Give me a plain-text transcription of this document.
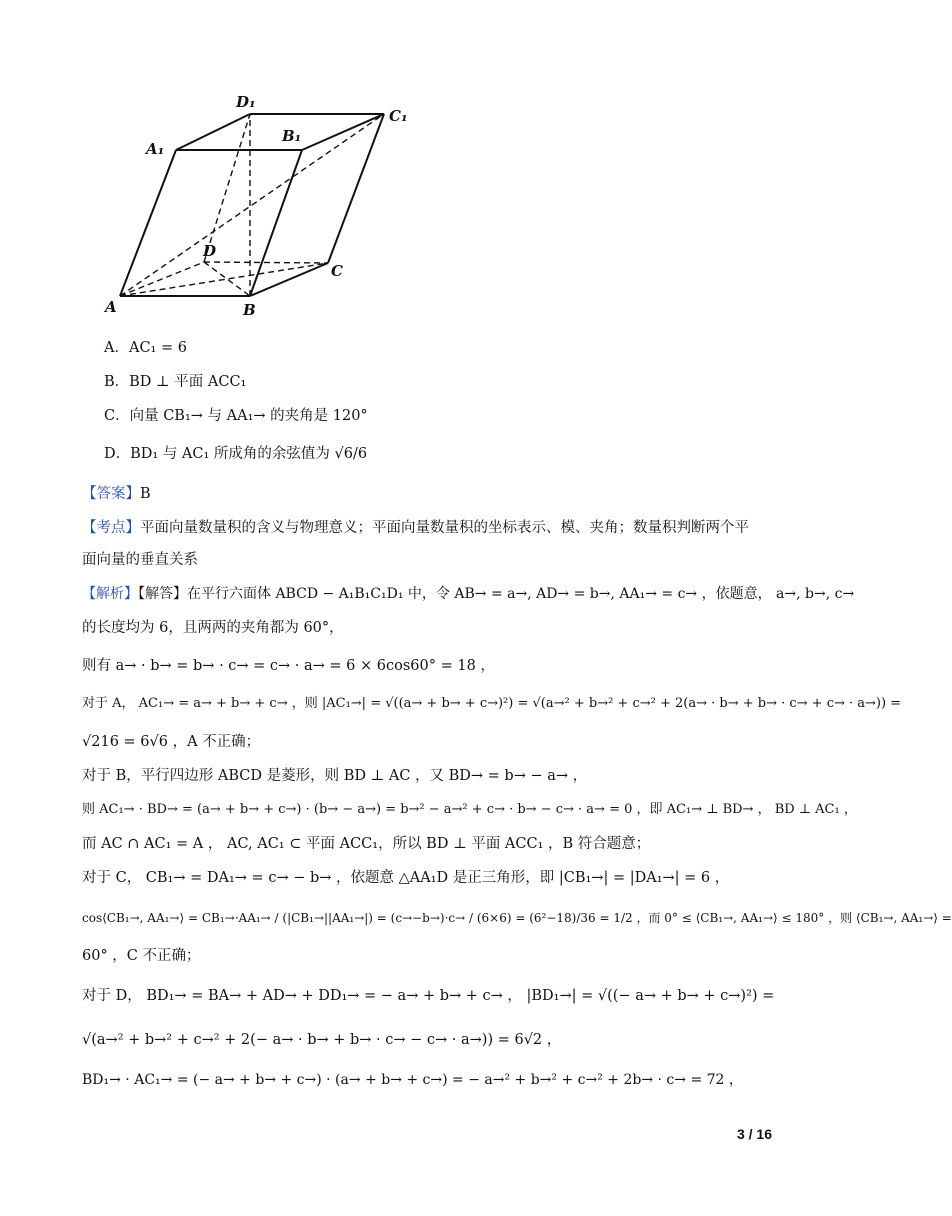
D₁
C₁
A₁
B₁
D
C
A	B
A．AC₁ = 6
B．BD ⊥ 平面 ACC₁
C．向量 CB₁→ 与 AA₁→ 的夹角是 120°
D．BD₁ 与 AC₁ 所成角的余弦值为 √6/6
【答案】B
【考点】平面向量数量积的含义与物理意义；平面向量数量积的坐标表示、模、夹角；数量积判断两个平
面向量的垂直关系
【解析】【解答】在平行六面体 ABCD − A₁B₁C₁D₁ 中，令 AB→ = a→, AD→ = b→, AA₁→ = c→ ，依题意， a→, b→, c→
的长度均为 6，且两两的夹角都为 60°，
则有 a→ · b→ = b→ · c→ = c→ · a→ = 6 × 6cos60° = 18 ，
对于 A， AC₁→ = a→ + b→ + c→ ，则 |AC₁→| = √((a→ + b→ + c→)²) = √(a→² + b→² + c→² + 2(a→ · b→ + b→ · c→ + c→ · a→)) =
√216 = 6√6 ，A 不正确；
对于 B，平行四边形 ABCD 是菱形，则 BD ⊥ AC ，又 BD→ = b→ − a→ ，
则 AC₁→ · BD→ = (a→ + b→ + c→) · (b→ − a→) = b→² − a→² + c→ · b→ − c→ · a→ = 0 ，即 AC₁→ ⊥ BD→ ， BD ⊥ AC₁ ，
而 AC ∩ AC₁ = A ， AC, AC₁ ⊂ 平面 ACC₁，所以 BD ⊥ 平面 ACC₁ ，B 符合题意；
对于 C， CB₁→ = DA₁→ = c→ − b→ ，依题意 △AA₁D 是正三角形，即 |CB₁→| = |DA₁→| = 6 ，
cos⟨CB₁→, AA₁→⟩ = CB₁→·AA₁→ / (|CB₁→||AA₁→|) = (c→−b→)·c→ / (6×6) = (6²−18)/36 = 1/2 ，而 0° ≤ ⟨CB₁→, AA₁→⟩ ≤ 180° ，则 ⟨CB₁→, AA₁→⟩ =
60° ，C 不正确；
对于 D， BD₁→ = BA→ + AD→ + DD₁→ = − a→ + b→ + c→ ， |BD₁→| = √((− a→ + b→ + c→)²) =
√(a→² + b→² + c→² + 2(− a→ · b→ + b→ · c→ − c→ · a→)) = 6√2 ，
BD₁→ · AC₁→ = (− a→ + b→ + c→) · (a→ + b→ + c→) = − a→² + b→² + c→² + 2b→ · c→ = 72 ，
3 / 16
